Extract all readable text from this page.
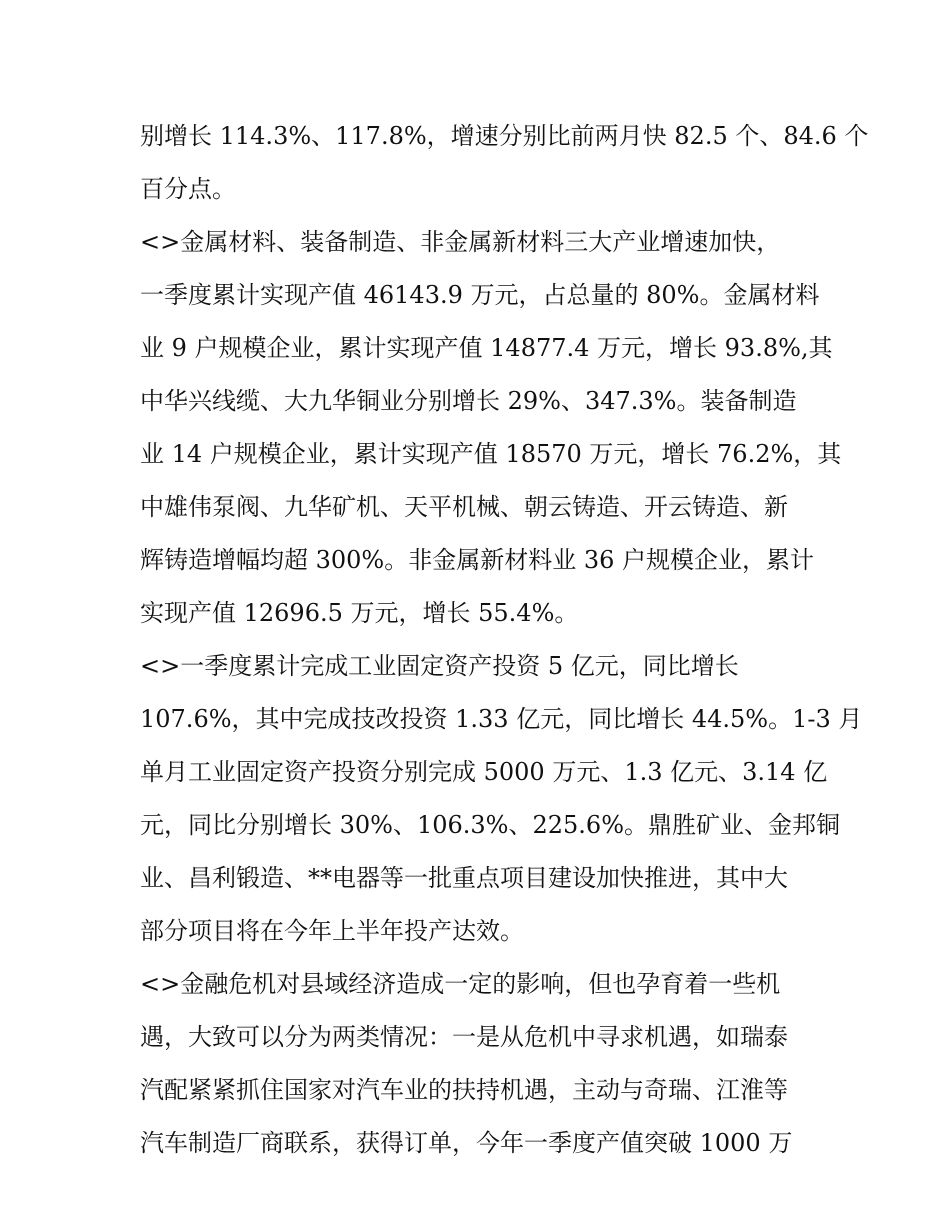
别增长 114.3%、117.8%，增速分别比前两月快 82.5 个、84.6 个
百分点。
<>金属材料、装备制造、非金属新材料三大产业增速加快，
一季度累计实现产值 46143.9 万元，占总量的 80%。金属材料
业 9 户规模企业，累计实现产值 14877.4 万元，增长 93.8%,其
中华兴线缆、大九华铜业分别增长 29%、347.3%。装备制造
业 14 户规模企业，累计实现产值 18570 万元，增长 76.2%，其
中雄伟泵阀、九华矿机、天平机械、朝云铸造、开云铸造、新
辉铸造增幅均超 300%。非金属新材料业 36 户规模企业，累计
实现产值 12696.5 万元，增长 55.4%。
<>一季度累计完成工业固定资产投资 5 亿元，同比增长
107.6%，其中完成技改投资 1.33 亿元，同比增长 44.5%。1-3 月
单月工业固定资产投资分别完成 5000 万元、1.3 亿元、3.14 亿
元，同比分别增长 30%、106.3%、225.6%。鼎胜矿业、金邦铜
业、昌利锻造、**电器等一批重点项目建设加快推进，其中大
部分项目将在今年上半年投产达效。
<>金融危机对县域经济造成一定的影响，但也孕育着一些机
遇，大致可以分为两类情况：一是从危机中寻求机遇，如瑞泰
汽配紧紧抓住国家对汽车业的扶持机遇，主动与奇瑞、江淮等
汽车制造厂商联系，获得订单，今年一季度产值突破 1000 万
